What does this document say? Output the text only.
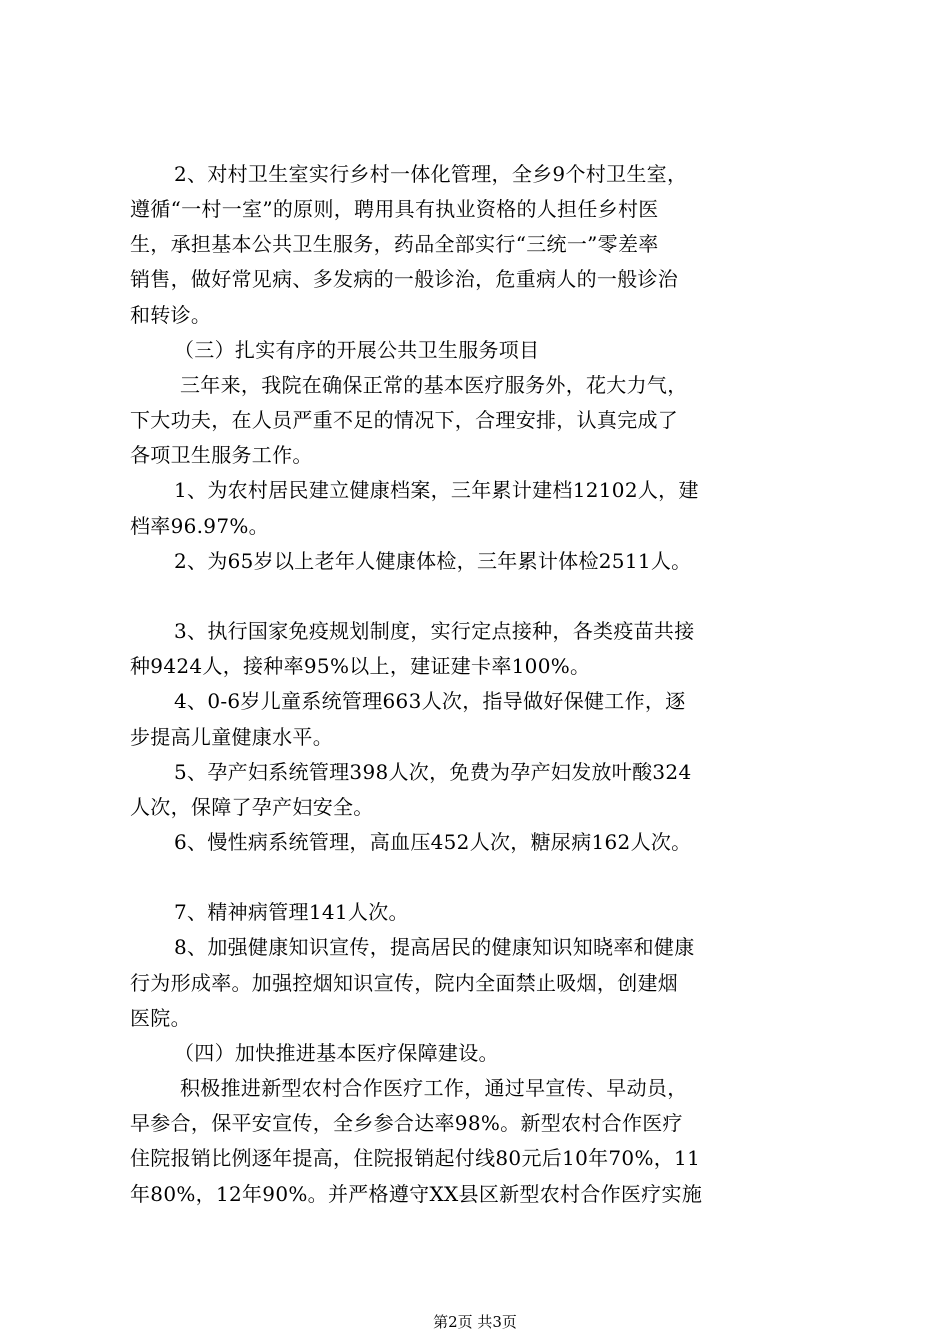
2、对村卫生室实行乡村一体化管理，全乡9个村卫生室，
遵循“一村一室”的原则，聘用具有执业资格的人担任乡村医
生，承担基本公共卫生服务，药品全部实行“三统一”零差率
销售，做好常见病、多发病的一般诊治，危重病人的一般诊治
和转诊。
（三）扎实有序的开展公共卫生服务项目
三年来，我院在确保正常的基本医疗服务外，花大力气，
下大功夫，在人员严重不足的情况下，合理安排，认真完成了
各项卫生服务工作。
1、为农村居民建立健康档案，三年累计建档12102人，建
档率96.97%。
2、为65岁以上老年人健康体检，三年累计体检2511人。
3、执行国家免疫规划制度，实行定点接种，各类疫苗共接
种9424人，接种率95%以上，建证建卡率100%。
4、0-6岁儿童系统管理663人次，指导做好保健工作，逐
步提高儿童健康水平。
5、孕产妇系统管理398人次，免费为孕产妇发放叶酸324
人次，保障了孕产妇安全。
6、慢性病系统管理，高血压452人次，糖尿病162人次。
7、精神病管理141人次。
8、加强健康知识宣传，提高居民的健康知识知晓率和健康
行为形成率。加强控烟知识宣传，院内全面禁止吸烟，创建烟
医院。
（四）加快推进基本医疗保障建设。
积极推进新型农村合作医疗工作，通过早宣传、早动员，
早参合，保平安宣传，全乡参合达率98%。新型农村合作医疗
住院报销比例逐年提高，住院报销起付线80元后10年70%，11
年80%，12年90%。并严格遵守XX县区新型农村合作医疗实施
第2页 共3页
